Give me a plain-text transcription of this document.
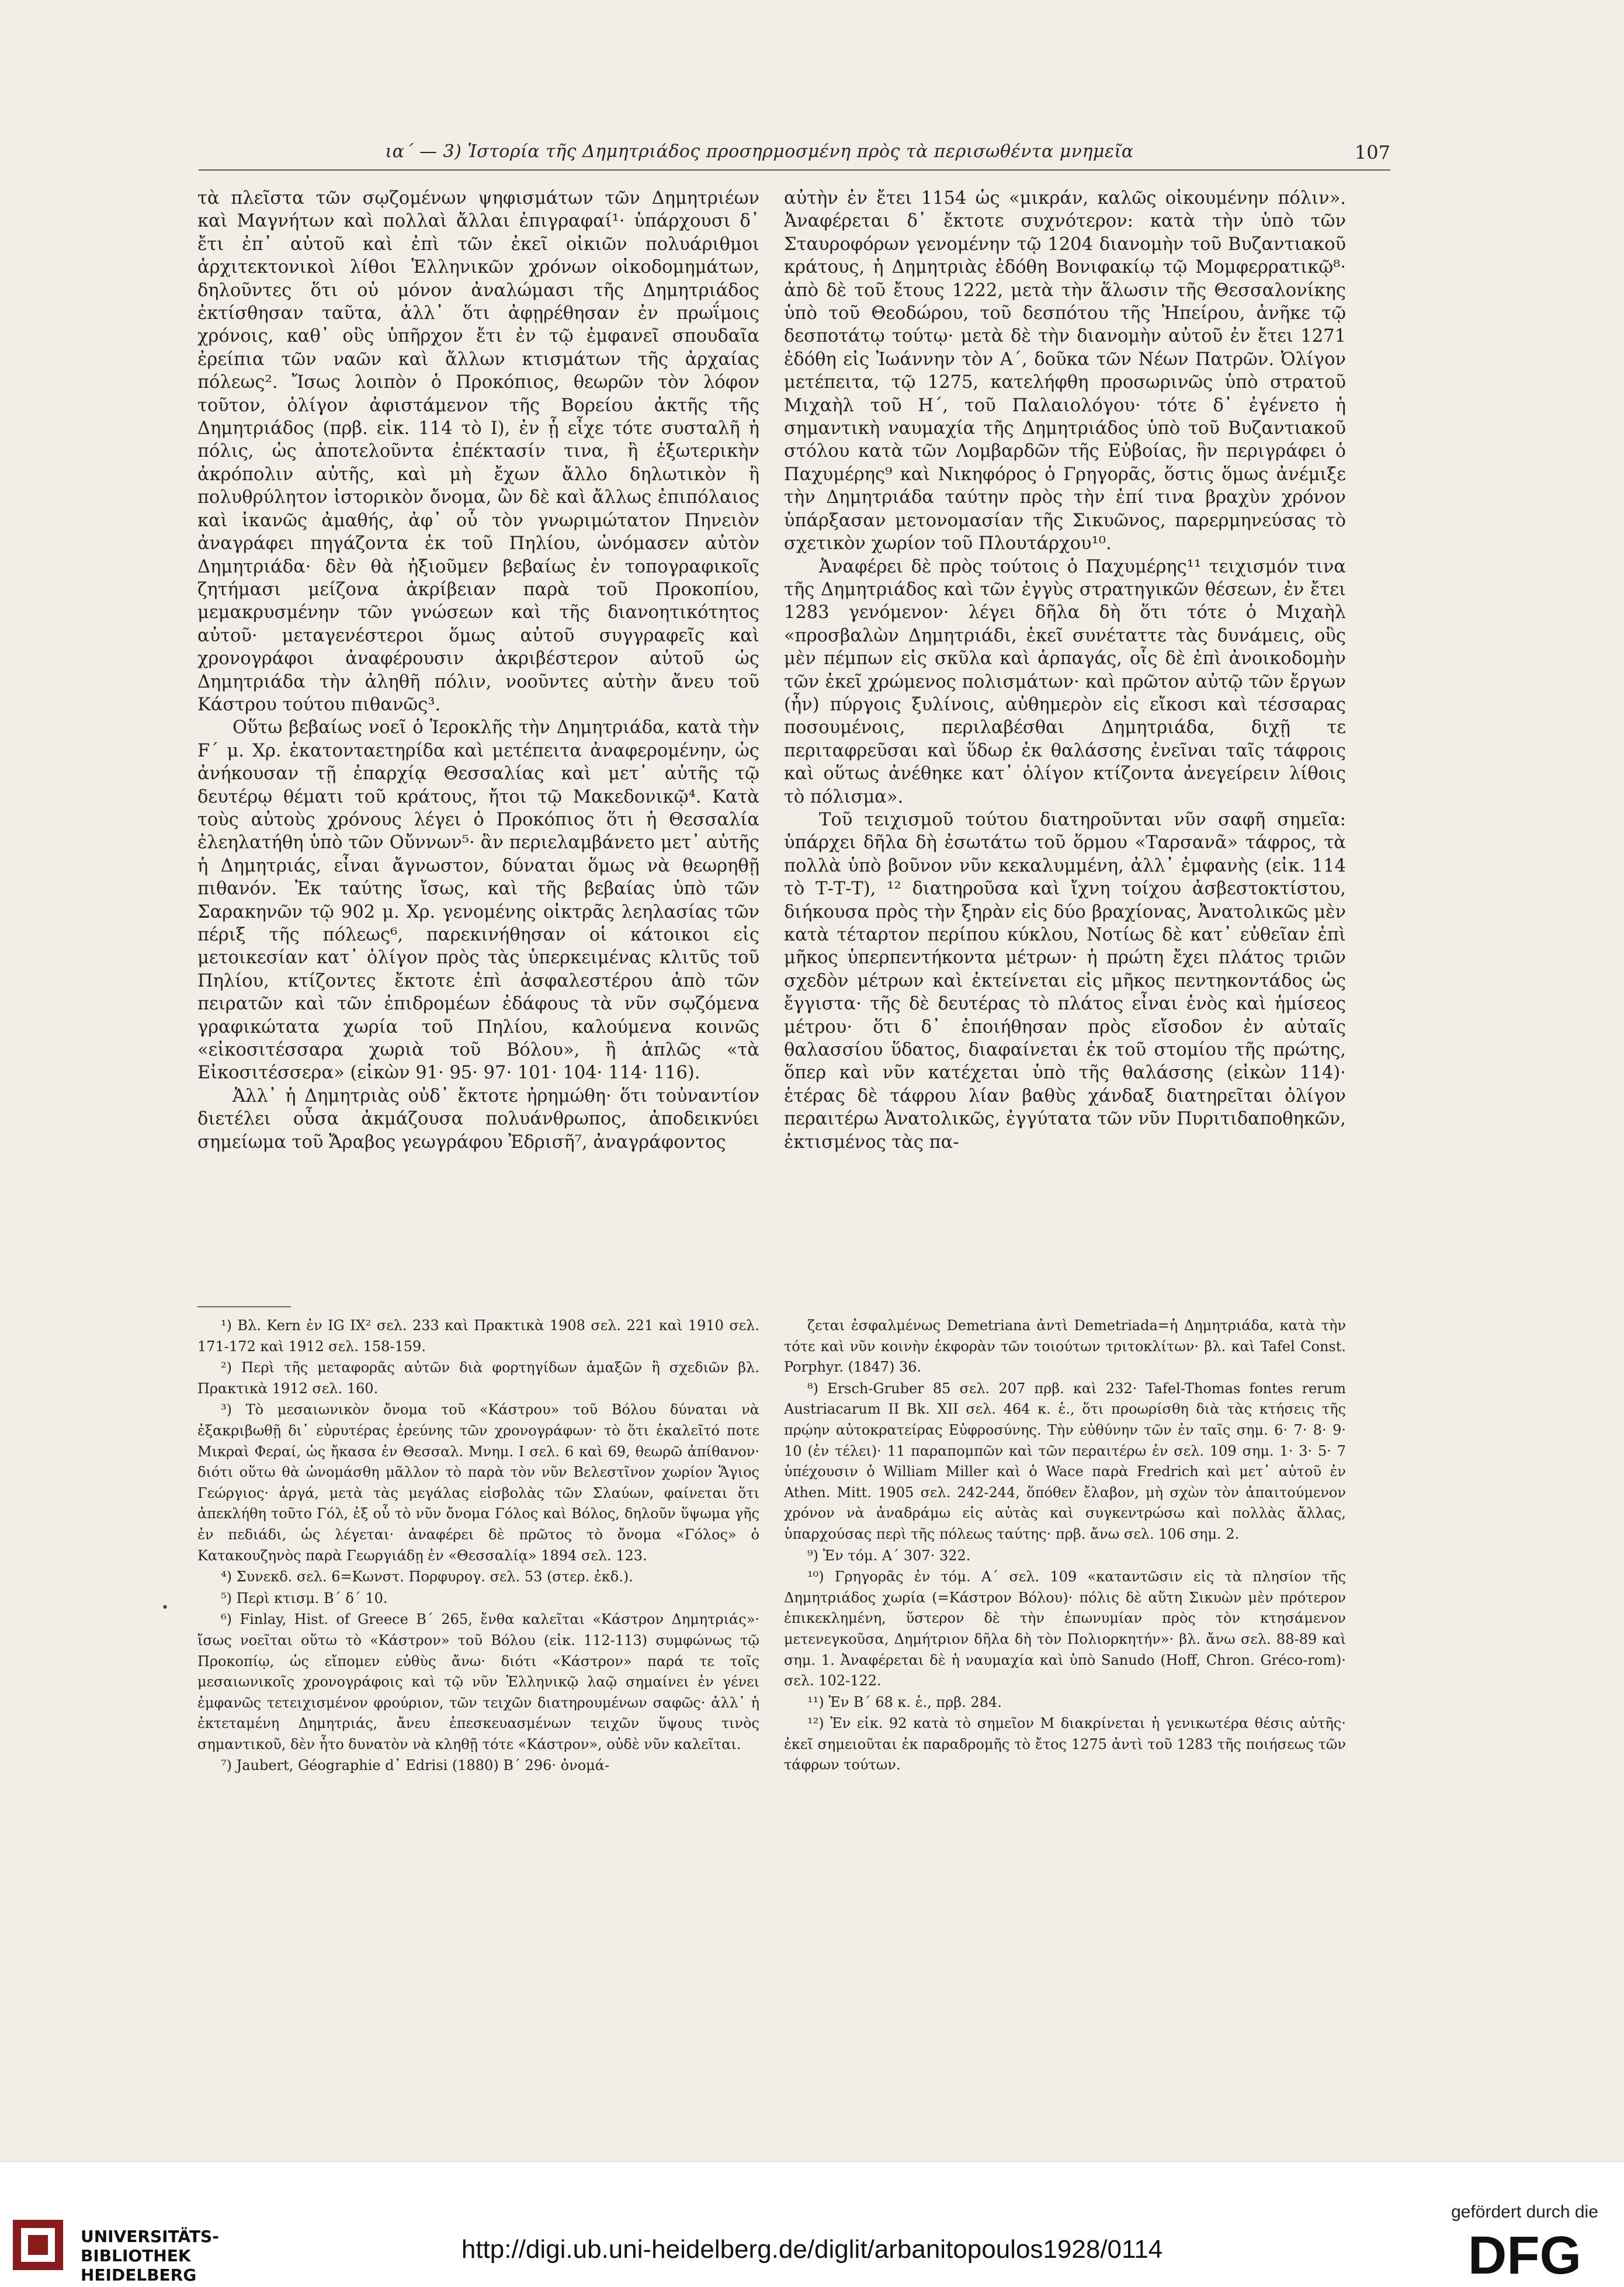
ια΄ — 3) Ἱστορία τῆς Δημητριάδος προσηρμοσμένη πρὸς τὰ περισωθέντα μνημεῖα	107

τὰ πλεῖστα τῶν σῳζομένων ψηφισμάτων τῶν Δημητριέων καὶ Μαγνήτων καὶ πολλαὶ ἄλλαι ἐπιγραφαί¹· ὑπάρχουσι δ᾽ ἔτι ἐπ᾽ αὐτοῦ καὶ ἐπὶ τῶν ἐκεῖ οἰκιῶν πολυάριθμοι ἀρχιτεκτονικοὶ λίθοι Ἑλληνικῶν χρόνων οἰκοδομημάτων, δηλοῦντες ὅτι οὐ μόνον ἀναλώμασι τῆς Δημητριάδος ἐκτίσθησαν ταῦτα, ἀλλ᾽ ὅτι ἀφῃρέθησαν ἐν πρωΐμοις χρόνοις, καθ᾽ οὓς ὑπῆρχον ἔτι ἐν τῷ ἐμφανεῖ σπουδαῖα ἐρείπια τῶν ναῶν καὶ ἄλλων κτισμάτων τῆς ἀρχαίας πόλεως². Ἴσως λοιπὸν ὁ Προκόπιος, θεωρῶν τὸν λόφον τοῦτον, ὀλίγον ἀφιστάμενον τῆς Βορείου ἀκτῆς τῆς Δημητριάδος (πρβ. εἰκ. 114 τὸ Ι), ἐν ᾗ εἶχε τότε συσταλῆ ἡ πόλις, ὡς ἀποτελοῦντα ἐπέκτασίν τινα, ἢ ἐξωτερικὴν ἀκρόπολιν αὐτῆς, καὶ μὴ ἔχων ἄλλο δηλωτικὸν ἢ πολυθρύλητον ἱστορικὸν ὄνομα, ὢν δὲ καὶ ἄλλως ἐπιπόλαιος καὶ ἱκανῶς ἀμαθής, ἀφ᾽ οὗ τὸν γνωριμώτατον Πηνειὸν ἀναγράφει πηγάζοντα ἐκ τοῦ Πηλίου, ὠνόμασεν αὐτὸν Δημητριάδα· δὲν θὰ ἠξιοῦμεν βεβαίως ἐν τοπογραφικοῖς ζητήμασι μείζονα ἀκρίβειαν παρὰ τοῦ Προκοπίου, μεμακρυσμένην τῶν γνώσεων καὶ τῆς διανοητικότητος αὐτοῦ· μεταγενέστεροι ὅμως αὐτοῦ συγγραφεῖς καὶ χρονογράφοι ἀναφέρουσιν ἀκριβέστερον αὐτοῦ ὡς Δημητριάδα τὴν ἀληθῆ πόλιν, νοοῦντες αὐτὴν ἄνευ τοῦ Κάστρου τούτου πιθανῶς³.

Οὕτω βεβαίως νοεῖ ὁ Ἱεροκλῆς τὴν Δημητριάδα, κατὰ τὴν F΄ μ. Χρ. ἑκατονταετηρίδα καὶ μετέπειτα ἀναφερομένην, ὡς ἀνήκουσαν τῇ ἐπαρχίᾳ Θεσσαλίας καὶ μετ᾽ αὐτῆς τῷ δευτέρῳ θέματι τοῦ κράτους, ἤτοι τῷ Μακεδονικῷ⁴. Κατὰ τοὺς αὐτοὺς χρόνους λέγει ὁ Προκόπιος ὅτι ἡ Θεσσαλία ἐλεηλατήθη ὑπὸ τῶν Οὔννων⁵· ἂν περιελαμβάνετο μετ᾽ αὐτῆς ἡ Δημητριάς, εἶναι ἄγνωστον, δύναται ὅμως νὰ θεωρηθῇ πιθανόν. Ἐκ ταύτης ἴσως, καὶ τῆς βεβαίας ὑπὸ τῶν Σαρακηνῶν τῷ 902 μ. Χρ. γενομένης οἰκτρᾶς λεηλασίας τῶν πέριξ τῆς πόλεως⁶, παρεκινήθησαν οἱ κάτοικοι εἰς μετοικεσίαν κατ᾽ ὀλίγον πρὸς τὰς ὑπερκειμένας κλιτῦς τοῦ Πηλίου, κτίζοντες ἔκτοτε ἐπὶ ἀσφαλεστέρου ἀπὸ τῶν πειρατῶν καὶ τῶν ἐπιδρομέων ἐδάφους τὰ νῦν σῳζόμενα γραφικώτατα χωρία τοῦ Πηλίου, καλούμενα κοινῶς «εἰκοσιτέσσαρα χωριὰ τοῦ Βόλου», ἢ ἁπλῶς «τὰ Εἰκοσιτέσσερα» (εἰκὼν 91· 95· 97· 101· 104· 114· 116).

Ἀλλ᾽ ἡ Δημητριὰς οὐδ᾽ ἔκτοτε ἠρημώθη· ὅτι τοὐναντίον διετέλει οὖσα ἀκμάζουσα πολυάνθρωπος, ἀποδεικνύει σημείωμα τοῦ Ἄραβος γεωγράφου Ἐδρισῆ⁷, ἀναγράφοντος

αὐτὴν ἐν ἔτει 1154 ὡς «μικράν, καλῶς οἰκουμένην πόλιν». Ἀναφέρεται δ᾽ ἔκτοτε συχνότερον: κατὰ τὴν ὑπὸ τῶν Σταυροφόρων γενομένην τῷ 1204 διανομὴν τοῦ Βυζαντιακοῦ κράτους, ἡ Δημητριὰς ἐδόθη Βονιφακίῳ τῷ Μομφερρατικῷ⁸· ἀπὸ δὲ τοῦ ἔτους 1222, μετὰ τὴν ἅλωσιν τῆς Θεσσαλονίκης ὑπὸ τοῦ Θεοδώρου, τοῦ δεσπότου τῆς Ἠπείρου, ἀνῆκε τῷ δεσποτάτῳ τούτῳ· μετὰ δὲ τὴν διανομὴν αὐτοῦ ἐν ἔτει 1271 ἐδόθη εἰς Ἰωάννην τὸν Α΄, δοῦκα τῶν Νέων Πατρῶν. Ὀλίγον μετέπειτα, τῷ 1275, κατελήφθη προσωρινῶς ὑπὸ στρατοῦ Μιχαὴλ τοῦ Η΄, τοῦ Παλαιολόγου· τότε δ᾽ ἐγένετο ἡ σημαντικὴ ναυμαχία τῆς Δημητριάδος ὑπὸ τοῦ Βυζαντιακοῦ στόλου κατὰ τῶν Λομβαρδῶν τῆς Εὐβοίας, ἣν περιγράφει ὁ Παχυμέρης⁹ καὶ Νικηφόρος ὁ Γρηγορᾶς, ὅστις ὅμως ἀνέμιξε τὴν Δημητριάδα ταύτην πρὸς τὴν ἐπί τινα βραχὺν χρόνον ὑπάρξασαν μετονομασίαν τῆς Σικυῶνος, παρερμηνεύσας τὸ σχετικὸν χωρίον τοῦ Πλουτάρχου¹⁰.

Ἀναφέρει δὲ πρὸς τούτοις ὁ Παχυμέρης¹¹ τειχισμόν τινα τῆς Δημητριάδος καὶ τῶν ἐγγὺς στρατηγικῶν θέσεων, ἐν ἔτει 1283 γενόμενον· λέγει δῆλα δὴ ὅτι τότε ὁ Μιχαὴλ «προσβαλὼν Δημητριάδι, ἐκεῖ συνέταττε τὰς δυνάμεις, οὓς μὲν πέμπων εἰς σκῦλα καὶ ἁρπαγάς, οἷς δὲ ἐπὶ ἀνοικοδομὴν τῶν ἐκεῖ χρώμενος πολισμάτων· καὶ πρῶτον αὐτῷ τῶν ἔργων (ἦν) πύργοις ξυλίνοις, αὐθημερὸν εἰς εἴκοσι καὶ τέσσαρας ποσουμένοις, περιλαβέσθαι Δημητριάδα, διχῇ τε περιταφρεῦσαι καὶ ὕδωρ ἐκ θαλάσσης ἐνεῖναι ταῖς τάφροις καὶ οὕτως ἀνέθηκε κατ᾽ ὀλίγον κτίζοντα ἀνεγείρειν λίθοις τὸ πόλισμα».

Τοῦ τειχισμοῦ τούτου διατηροῦνται νῦν σαφῆ σημεῖα: ὑπάρχει δῆλα δὴ ἐσωτάτω τοῦ ὅρμου «Ταρσανᾶ» τάφρος, τὰ πολλὰ ὑπὸ βοῦνον νῦν κεκαλυμμένη, ἀλλ᾽ ἐμφανὴς (εἰκ. 114 τὸ Τ-Τ-Τ), ¹² διατηροῦσα καὶ ἴχνη τοίχου ἀσβεστοκτίστου, διήκουσα πρὸς τὴν ξηρὰν εἰς δύο βραχίονας, Ἀνατολικῶς μὲν κατὰ τέταρτον περίπου κύκλου, Νοτίως δὲ κατ᾽ εὐθεῖαν ἐπὶ μῆκος ὑπερπεντήκοντα μέτρων· ἡ πρώτη ἔχει πλάτος τριῶν σχεδὸν μέτρων καὶ ἐκτείνεται εἰς μῆκος πεντηκοντάδος ὡς ἔγγιστα· τῆς δὲ δευτέρας τὸ πλάτος εἶναι ἑνὸς καὶ ἡμίσεος μέτρου· ὅτι δ᾽ ἐποιήθησαν πρὸς εἴσοδον ἐν αὐταῖς θαλασσίου ὕδατος, διαφαίνεται ἐκ τοῦ στομίου τῆς πρώτης, ὅπερ καὶ νῦν κατέχεται ὑπὸ τῆς θαλάσσης (εἰκὼν 114)· ἑτέρας δὲ τάφρου λίαν βαθὺς χάνδαξ διατηρεῖται ὀλίγον περαιτέρω Ἀνατολικῶς, ἐγγύτατα τῶν νῦν Πυριτιδαποθηκῶν, ἐκτισμένος τὰς πα-

¹) Βλ. Kern ἐν IG IX² σελ. 233 καὶ Πρακτικὰ 1908 σελ. 221 καὶ 1910 σελ. 171-172 καὶ 1912 σελ. 158-159.

²) Περὶ τῆς μεταφορᾶς αὐτῶν διὰ φορτηγίδων ἁμαξῶν ἢ σχεδιῶν βλ. Πρακτικὰ 1912 σελ. 160.

³) Τὸ μεσαιωνικὸν ὄνομα τοῦ «Κάστρου» τοῦ Βόλου δύναται νὰ ἐξακριβωθῇ δι᾽ εὐρυτέρας ἐρεύνης τῶν χρονογράφων· τὸ ὅτι ἐκαλεῖτό ποτε Μικραὶ Φεραί, ὡς ἤκασα ἐν Θεσσαλ. Μνημ. Ι σελ. 6 καὶ 69, θεωρῶ ἀπίθανον· διότι οὕτω θὰ ὠνομάσθη μᾶλλον τὸ παρὰ τὸν νῦν Βελεστῖνον χωρίον Ἅγιος Γεώργιος· ἀργά, μετὰ τὰς μεγάλας εἰσβολὰς τῶν Σλαύων, φαίνεται ὅτι ἀπεκλήθη τοῦτο Γόλ, ἐξ οὗ τὸ νῦν ὄνομα Γόλος καὶ Βόλος, δηλοῦν ὕψωμα γῆς ἐν πεδιάδι, ὡς λέγεται· ἀναφέρει δὲ πρῶτος τὸ ὄνομα «Γόλος» ὁ Κατακουζηνὸς παρὰ Γεωργιάδῃ ἐν «Θεσσαλίᾳ» 1894 σελ. 123.

⁴) Συνεκδ. σελ. 6=Κωνστ. Πορφυρογ. σελ. 53 (στερ. ἐκδ.).

⁵) Περὶ κτισμ. Β΄ δ΄ 10.

⁶) Finlay, Hist. of Greece Β΄ 265, ἔνθα καλεῖται «Κάστρον Δημητριάς»· ἴσως νοεῖται οὕτω τὸ «Κάστρον» τοῦ Βόλου (εἰκ. 112-113) συμφώνως τῷ Προκοπίῳ, ὡς εἴπομεν εὐθὺς ἄνω· διότι «Κάστρον» παρά τε τοῖς μεσαιωνικοῖς χρονογράφοις καὶ τῷ νῦν Ἑλληνικῷ λαῷ σημαίνει ἐν γένει ἐμφανῶς τετειχισμένον φρούριον, τῶν τειχῶν διατηρουμένων σαφῶς· ἀλλ᾽ ἡ ἐκτεταμένη Δημητριάς, ἄνευ ἐπεσκευασμένων τειχῶν ὕψους τινὸς σημαντικοῦ, δὲν ἦτο δυνατὸν νὰ κληθῇ τότε «Κάστρον», οὐδὲ νῦν καλεῖται.

⁷) Jaubert, Géographie d᾽ Edrisi (1880) Β΄ 296· ὀνομά-

ζεται ἐσφαλμένως Demetriana ἀντὶ Demetriada=ἡ Δημητριάδα, κατὰ τὴν τότε καὶ νῦν κοινὴν ἐκφορὰν τῶν τοιούτων τριτοκλίτων· βλ. καὶ Tafel Const. Porphyr. (1847) 36.

⁸) Ersch-Gruber 85 σελ. 207 πρβ. καὶ 232· Tafel-Thomas fontes rerum Austriacarum II Bk. XII σελ. 464 κ. ἑ., ὅτι προωρίσθη διὰ τὰς κτήσεις τῆς πρῴην αὐτοκρατείρας Εὐφροσύνης. Τὴν εὐθύνην τῶν ἐν ταῖς σημ. 6· 7· 8· 9· 10 (ἐν τέλει)· 11 παραπομπῶν καὶ τῶν περαιτέρω ἐν σελ. 109 σημ. 1· 3· 5· 7 ὑπέχουσιν ὁ William Miller καὶ ὁ Wace παρὰ Fredrich καὶ μετ᾽ αὐτοῦ ἐν Athen. Mitt. 1905 σελ. 242-244, ὅπόθεν ἔλαβον, μὴ σχὼν τὸν ἀπαιτούμενον χρόνον νὰ ἀναδράμω εἰς αὐτὰς καὶ συγκεντρώσω καὶ πολλὰς ἄλλας, ὑπαρχούσας περὶ τῆς πόλεως ταύτης· πρβ. ἄνω σελ. 106 σημ. 2.

⁹) Ἐν τόμ. Α΄ 307· 322.

¹⁰) Γρηγορᾶς ἐν τόμ. Α΄ σελ. 109 «καταντῶσιν εἰς τὰ πλησίον τῆς Δημητριάδος χωρία (=Κάστρον Βόλου)· πόλις δὲ αὕτη Σικυὼν μὲν πρότερον ἐπικεκλημένη, ὕστερον δὲ τὴν ἐπωνυμίαν πρὸς τὸν κτησάμενον μετενεγκοῦσα, Δημήτριον δῆλα δὴ τὸν Πολιορκητήν»· βλ. ἄνω σελ. 88-89 καὶ σημ. 1. Ἀναφέρεται δὲ ἡ ναυμαχία καὶ ὑπὸ Sanudo (Hoff, Chron. Gréco-rom)· σελ. 102-122.

¹¹) Ἐν Β΄ 68 κ. ἑ., πρβ. 284.

¹²) Ἐν εἰκ. 92 κατὰ τὸ σημεῖον Μ διακρίνεται ἡ γενικωτέρα θέσις αὐτῆς· ἐκεῖ σημειοῦται ἐκ παραδρομῆς τὸ ἔτος 1275 ἀντὶ τοῦ 1283 τῆς ποιήσεως τῶν τάφρων τούτων.

•
UNIVERSITÄTS-
BIBLIOTHEK
HEIDELBERG
http://digi.ub.uni-heidelberg.de/diglit/arbanitopoulos1928/0114
gefördert durch die
DFG
